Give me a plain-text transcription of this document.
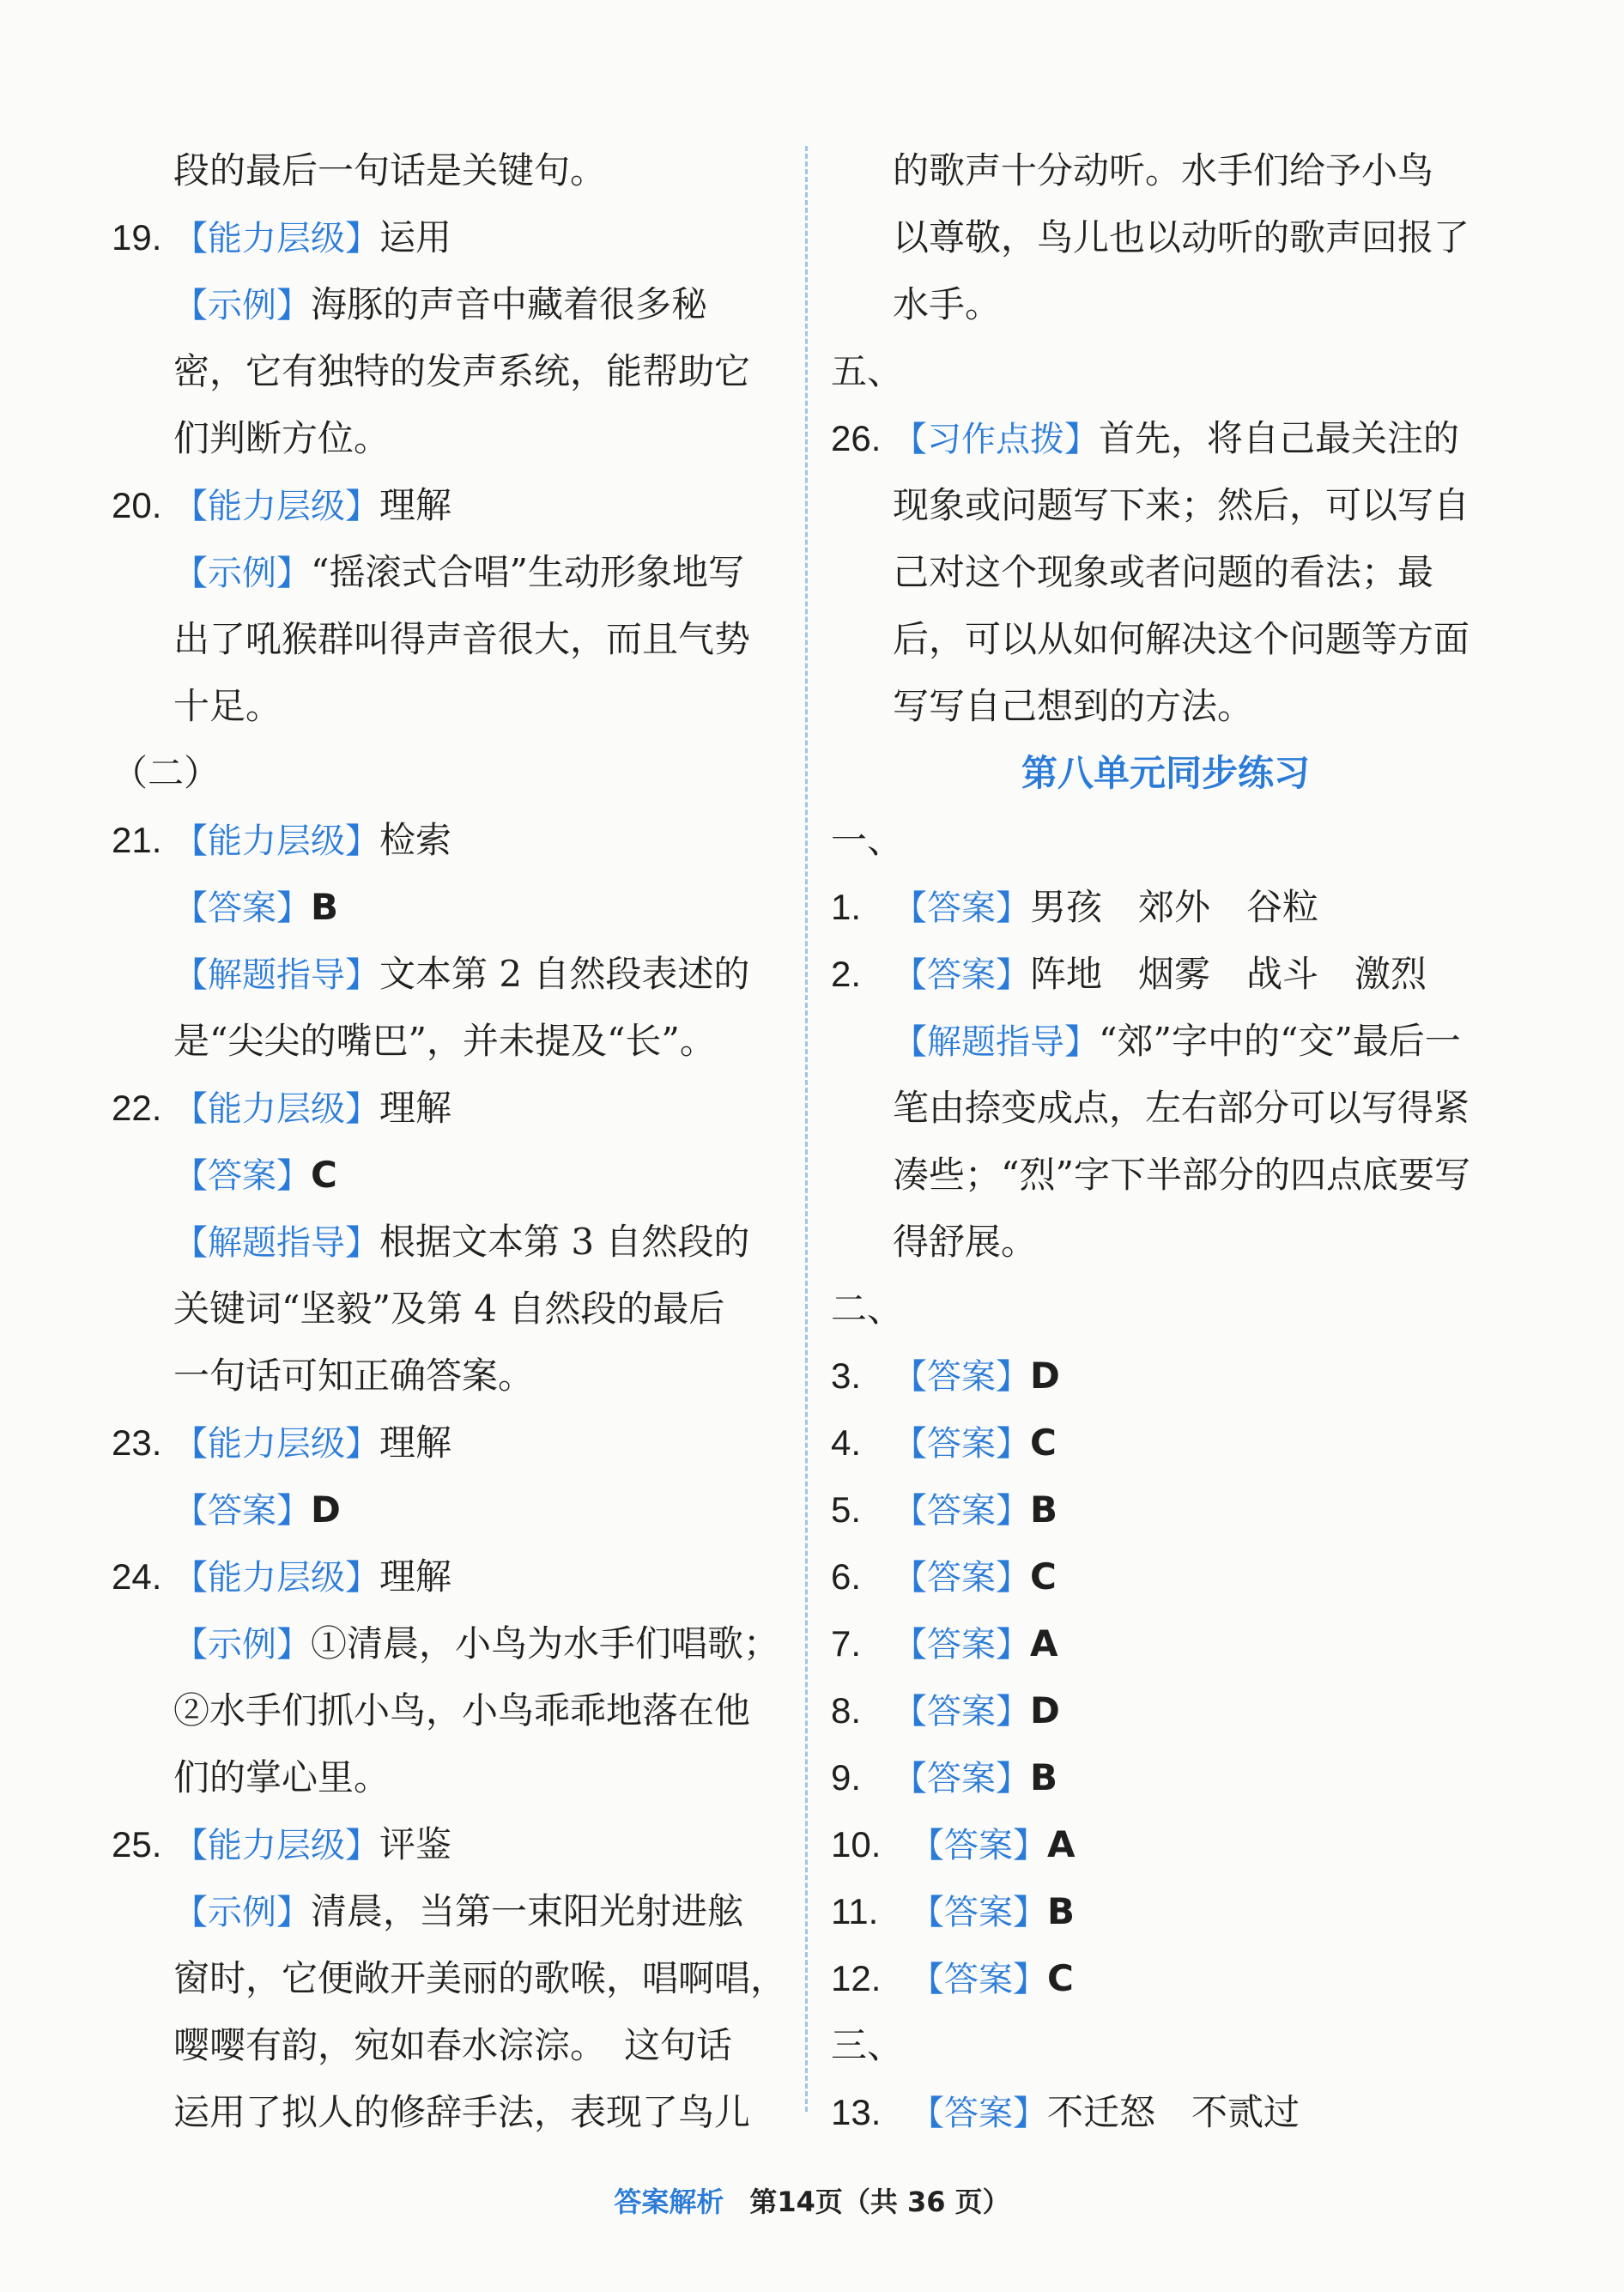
段的最后一句话是关键句。
19. 【能力层级】运用
【示例】海豚的声音中藏着很多秘
密，它有独特的发声系统，能帮助它
们判断方位。
20. 【能力层级】理解
【示例】“摇滚式合唱”生动形象地写
出了吼猴群叫得声音很大，而且气势
十足。
（二）
21. 【能力层级】检索
【答案】B
【解题指导】文本第 2 自然段表述的
是“尖尖的嘴巴”，并未提及“长”。
22. 【能力层级】理解
【答案】C
【解题指导】根据文本第 3 自然段的
关键词“坚毅”及第 4 自然段的最后
一句话可知正确答案。
23. 【能力层级】理解
【答案】D
24. 【能力层级】理解
【示例】①清晨，小鸟为水手们唱歌；
②水手们抓小鸟，小鸟乖乖地落在他
们的掌心里。
25. 【能力层级】评鉴
【示例】清晨，当第一束阳光射进舷
窗时，它便敞开美丽的歌喉，唱啊唱，
嘤嘤有韵，宛如春水淙淙。　这句话
运用了拟人的修辞手法，表现了鸟儿
的歌声十分动听。水手们给予小鸟
以尊敬，鸟儿也以动听的歌声回报了
水手。
五、
26. 【习作点拨】首先，将自己最关注的
现象或问题写下来；然后，可以写自
己对这个现象或者问题的看法；最
后，可以从如何解决这个问题等方面
写写自己想到的方法。
第八单元同步练习
一、
1. 【答案】男孩　郊外　谷粒
2. 【答案】阵地　烟雾　战斗　激烈
【解题指导】“郊”字中的“交”最后一
笔由捺变成点，左右部分可以写得紧
凑些；“烈”字下半部分的四点底要写
得舒展。
二、
3. 【答案】D
4. 【答案】C
5. 【答案】B
6. 【答案】C
7. 【答案】A
8. 【答案】D
9. 【答案】B
10. 【答案】A
11. 【答案】B
12. 【答案】C
三、
13. 【答案】不迁怒　不贰过
答案解析 第14页（共 36 页）
